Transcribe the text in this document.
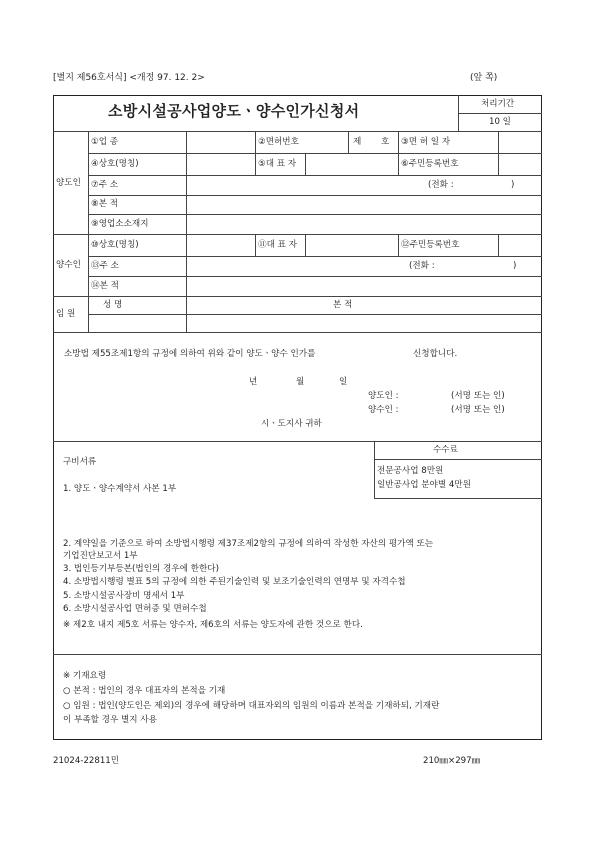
[별지 제56호서식] <개정 97. 12. 2>	(앞 쪽)
소방시설공사업양도ㆍ양수인가신청서	처리기간
10 일
양도인
①업 종	②면허번호	제 호 ③면 허 일 자
④상호(명칭)	⑤대 표 자	⑥주민등록번호
⑦주 소	(전화 :	)
⑧본 적
⑨영업소소재지
양수인
⑩상호(명칭)	⑪대 표 자	⑫주민등록번호
⑬주 소	(전화 :	)
⑭본 적
임 원
성 명	본 적
소방법 제55조제1항의 규정에 의하여 위와 같이 양도ㆍ양수 인가를	신청합니다.
년	월	일
양도인 :	(서명 또는 인)
양수인 :	(서명 또는 인)
시ㆍ도지사 귀하
구비서류
1. 양도ㆍ양수계약서 사본 1부
2. 계약일을 기준으로 하여 소방법시행령 제37조제2항의 규정에 의하여 작성한 자산의 평가액 또는
기업진단보고서 1부
3. 법인등기부등본(법인의 경우에 한한다)
4. 소방법시행령 별표 5의 규정에 의한 주된기술인력 및 보조기술인력의 연명부 및 자격수첩
5. 소방시설공사장비 명세서 1부
6. 소방시설공사업 면허증 및 면허수첩
※ 제2호 내지 제5호 서류는 양수자, 제6호의 서류는 양도자에 관한 것으로 한다.
수수료
전문공사업 8만원
일반공사업 분야별 4만원
※ 기재요령
○ 본적 : 법인의 경우 대표자의 본적을 기재
○ 임원 : 법인(양도인은 제외)의 경우에 해당하며 대표자외의 임원의 이름과 본적을 기재하되, 기재란
이 부족할 경우 별지 사용
21024-22811민	210㎜×297㎜
